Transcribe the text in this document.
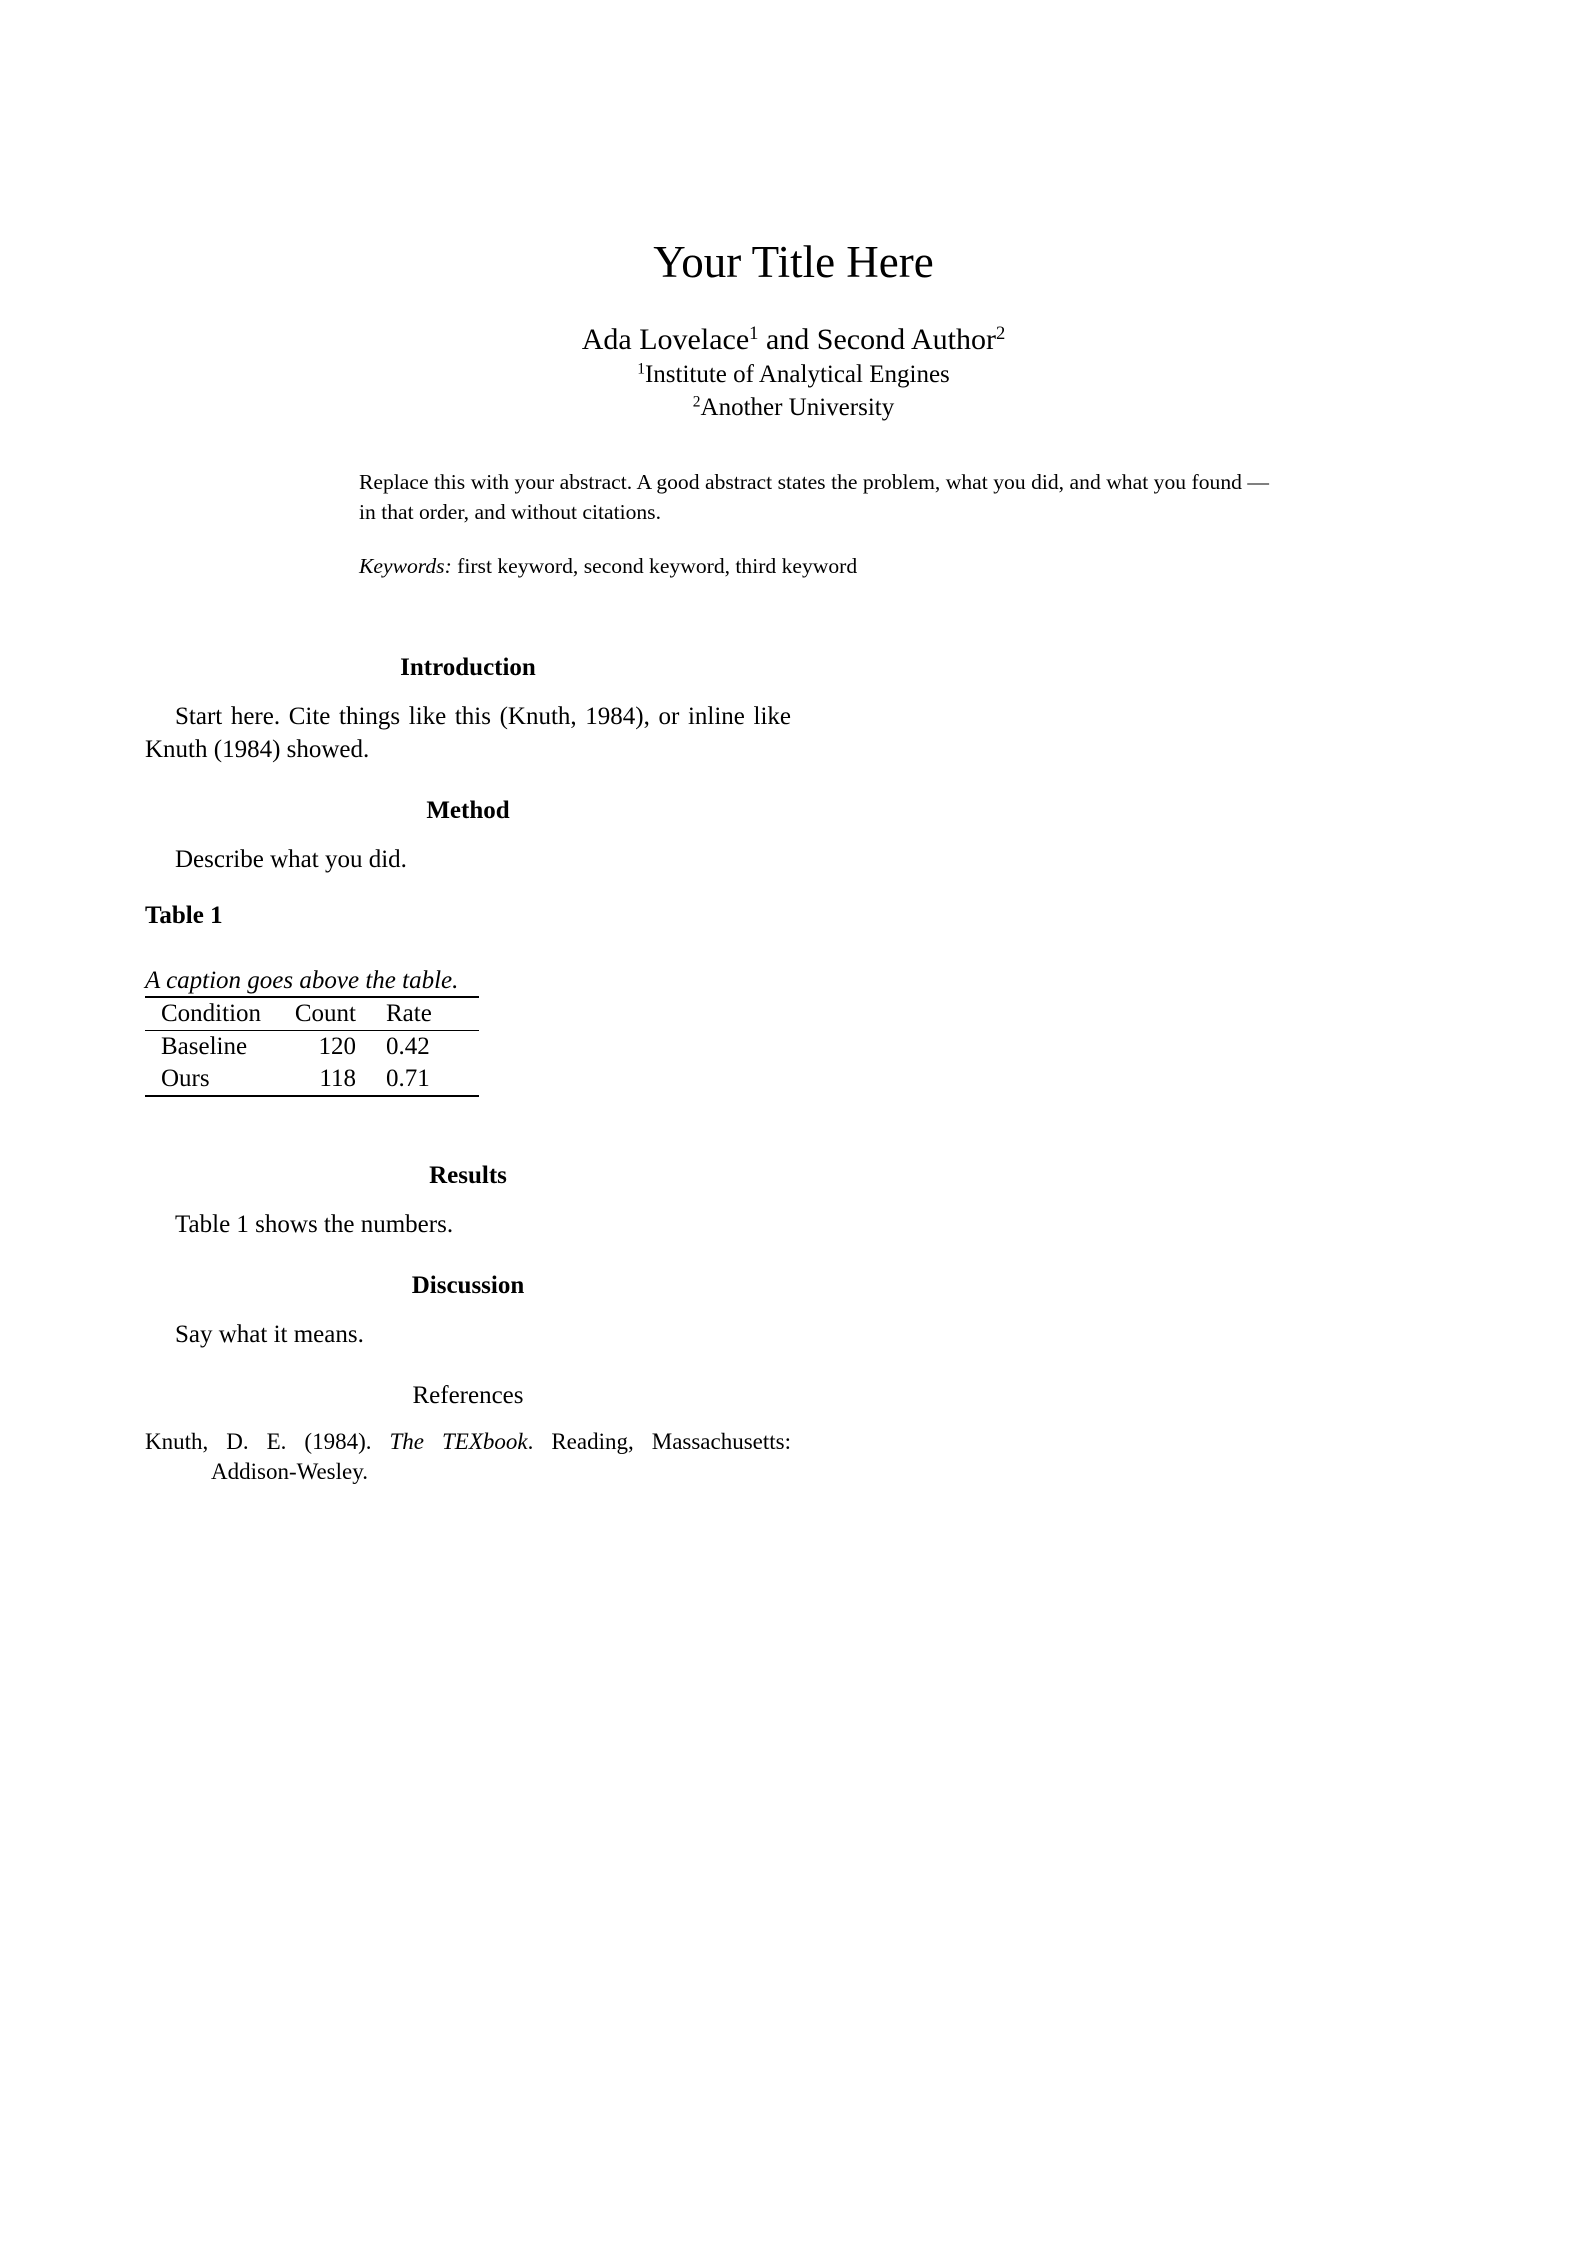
Your Title Here
Ada Lovelace$^1$ and Second Author$^2$
$^1$Institute of Analytical Engines
$^2$Another University
Replace this with your abstract. A good abstract states the problem, what you did, and what you found — in that order, and without citations.
Keywords: first keyword, second keyword, third keyword
Introduction
Start here. Cite things like this (Knuth, 1984), or inline like Knuth (1984) showed.
Method
Describe what you did.
Table 1
A caption goes above the table.
Condition	Count	Rate
Baseline	120	0.42
Ours	118	0.71
Results
Table 1 shows the numbers.
Discussion
Say what it means.
References
Knuth, D. E. (1984). The TEXbook. Reading, Massachusetts: Addison-Wesley.
